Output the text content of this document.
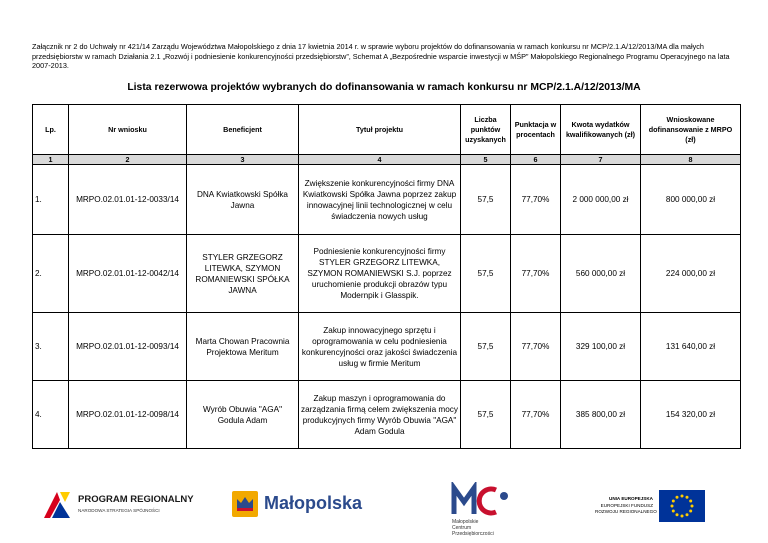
Załącznik nr 2 do Uchwały nr 421/14 Zarządu Województwa Małopolskiego z dnia 17 kwietnia 2014 r. w sprawie wyboru projektów do dofinansowania w ramach konkursu nr MCP/2.1.A/12/2013/MA dla małych przedsiębiorstw w ramach Działania 2.1 „Rozwój i podniesienie konkurencyjności przedsiębiorstw”, Schemat A „Bezpośrednie wsparcie inwestycji w MŚP” Małopolskiego Regionalnego Programu Operacyjnego na lata 2007-2013.
Lista rezerwowa projektów wybranych do dofinansowania w ramach konkursu nr MCP/2.1.A/12/2013/MA
Lp.	Nr wniosku	Beneficjent	Tytuł projektu	Liczba punktów uzyskanych	Punktacja w procentach	Kwota wydatków kwalifikowanych (zł)	Wnioskowane dofinansowanie z MRPO (zł)
1	2	3	4	5	6	7	8
1.	MRPO.02.01.01-12-0033/14	DNA Kwiatkowski Spółka Jawna	Zwiększenie konkurencyjności firmy DNA Kwiatkowski Spółka Jawna poprzez zakup innowacyjnej linii technologicznej w celu świadczenia nowych usług	57,5	77,70%	2 000 000,00 zł	800 000,00 zł
2.	MRPO.02.01.01-12-0042/14	STYLER GRZEGORZ LITEWKA, SZYMON ROMANIEWSKI SPÓŁKA JAWNA	Podniesienie konkurencyjności firmy STYLER GRZEGORZ LITEWKA, SZYMON ROMANIEWSKI S.J. poprzez uruchomienie produkcji obrazów typu Modernpik i Glasspik.	57,5	77,70%	560 000,00 zł	224 000,00 zł
3.	MRPO.02.01.01-12-0093/14	Marta Chowan Pracownia Projektowa Meritum	Zakup innowacyjnego sprzętu i oprogramowania w celu podniesienia konkurencyjności oraz jakości świadczenia usług w firmie Meritum	57,5	77,70%	329 100,00 zł	131 640,00 zł
4.	MRPO.02.01.01-12-0098/14	Wyrób Obuwia "AGA" Godula Adam	Zakup maszyn i oprogramowania do zarządzania firmą celem zwiększenia mocy produkcyjnych firmy Wyrób Obuwia "AGA" Adam Godula	57,5	77,70%	385 800,00 zł	154 320,00 zł
PROGRAM REGIONALNY
NARODOWA STRATEGIA SPÓJNOŚCI	Małopolska
Małopolskie
Centrum
Przedsiębiorczości
UNIA EUROPEJSKA
EUROPEJSKI FUNDUSZ
ROZWOJU REGIONALNEGO
